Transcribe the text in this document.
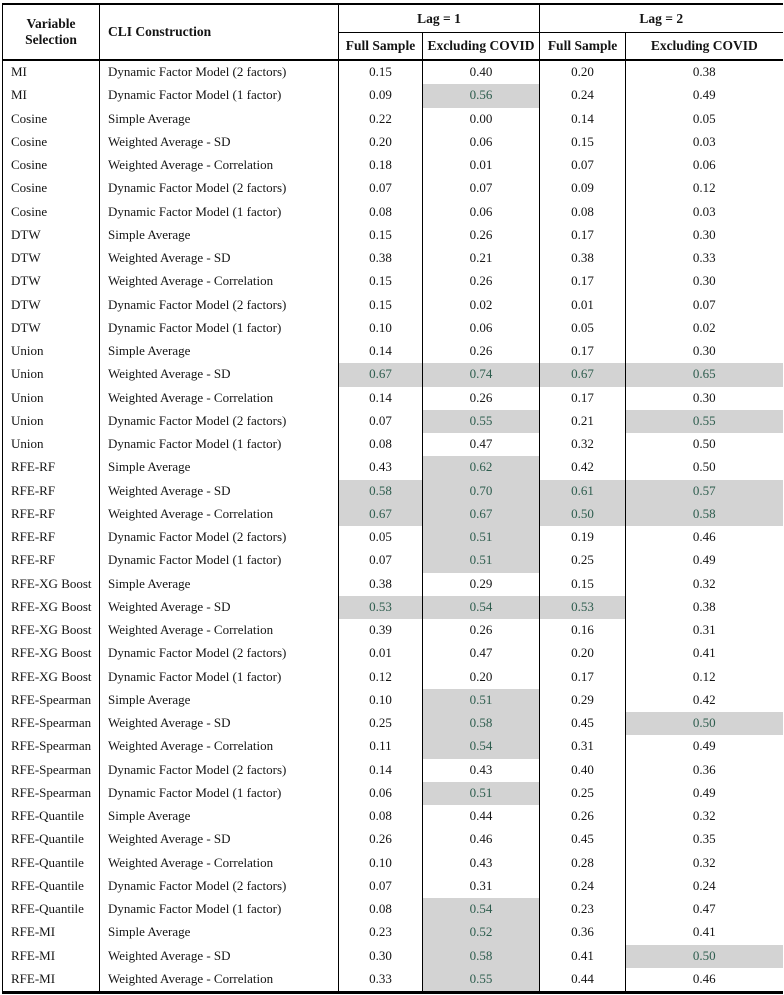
Variable Selection	CLI Construction	Lag = 1		Lag = 2	
		Full Sample	Excluding COVID	Full Sample	Excluding COVID
MI	Dynamic Factor Model (2 factors)	0.15	0.40	0.20	0.38
MI	Dynamic Factor Model (1 factor)	0.09	0.56	0.24	0.49
Cosine	Simple Average	0.22	0.00	0.14	0.05
Cosine	Weighted Average - SD	0.20	0.06	0.15	0.03
Cosine	Weighted Average - Correlation	0.18	0.01	0.07	0.06
Cosine	Dynamic Factor Model (2 factors)	0.07	0.07	0.09	0.12
Cosine	Dynamic Factor Model (1 factor)	0.08	0.06	0.08	0.03
DTW	Simple Average	0.15	0.26	0.17	0.30
DTW	Weighted Average - SD	0.38	0.21	0.38	0.33
DTW	Weighted Average - Correlation	0.15	0.26	0.17	0.30
DTW	Dynamic Factor Model (2 factors)	0.15	0.02	0.01	0.07
DTW	Dynamic Factor Model (1 factor)	0.10	0.06	0.05	0.02
Union	Simple Average	0.14	0.26	0.17	0.30
Union	Weighted Average - SD	0.67	0.74	0.67	0.65
Union	Weighted Average - Correlation	0.14	0.26	0.17	0.30
Union	Dynamic Factor Model (2 factors)	0.07	0.55	0.21	0.55
Union	Dynamic Factor Model (1 factor)	0.08	0.47	0.32	0.50
RFE-RF	Simple Average	0.43	0.62	0.42	0.50
RFE-RF	Weighted Average - SD	0.58	0.70	0.61	0.57
RFE-RF	Weighted Average - Correlation	0.67	0.67	0.50	0.58
RFE-RF	Dynamic Factor Model (2 factors)	0.05	0.51	0.19	0.46
RFE-RF	Dynamic Factor Model (1 factor)	0.07	0.51	0.25	0.49
RFE-XG Boost	Simple Average	0.38	0.29	0.15	0.32
RFE-XG Boost	Weighted Average - SD	0.53	0.54	0.53	0.38
RFE-XG Boost	Weighted Average - Correlation	0.39	0.26	0.16	0.31
RFE-XG Boost	Dynamic Factor Model (2 factors)	0.01	0.47	0.20	0.41
RFE-XG Boost	Dynamic Factor Model (1 factor)	0.12	0.20	0.17	0.12
RFE-Spearman	Simple Average	0.10	0.51	0.29	0.42
RFE-Spearman	Weighted Average - SD	0.25	0.58	0.45	0.50
RFE-Spearman	Weighted Average - Correlation	0.11	0.54	0.31	0.49
RFE-Spearman	Dynamic Factor Model (2 factors)	0.14	0.43	0.40	0.36
RFE-Spearman	Dynamic Factor Model (1 factor)	0.06	0.51	0.25	0.49
RFE-Quantile	Simple Average	0.08	0.44	0.26	0.32
RFE-Quantile	Weighted Average - SD	0.26	0.46	0.45	0.35
RFE-Quantile	Weighted Average - Correlation	0.10	0.43	0.28	0.32
RFE-Quantile	Dynamic Factor Model (2 factors)	0.07	0.31	0.24	0.24
RFE-Quantile	Dynamic Factor Model (1 factor)	0.08	0.54	0.23	0.47
RFE-MI	Simple Average	0.23	0.52	0.36	0.41
RFE-MI	Weighted Average - SD	0.30	0.58	0.41	0.50
RFE-MI	Weighted Average - Correlation	0.33	0.55	0.44	0.46
